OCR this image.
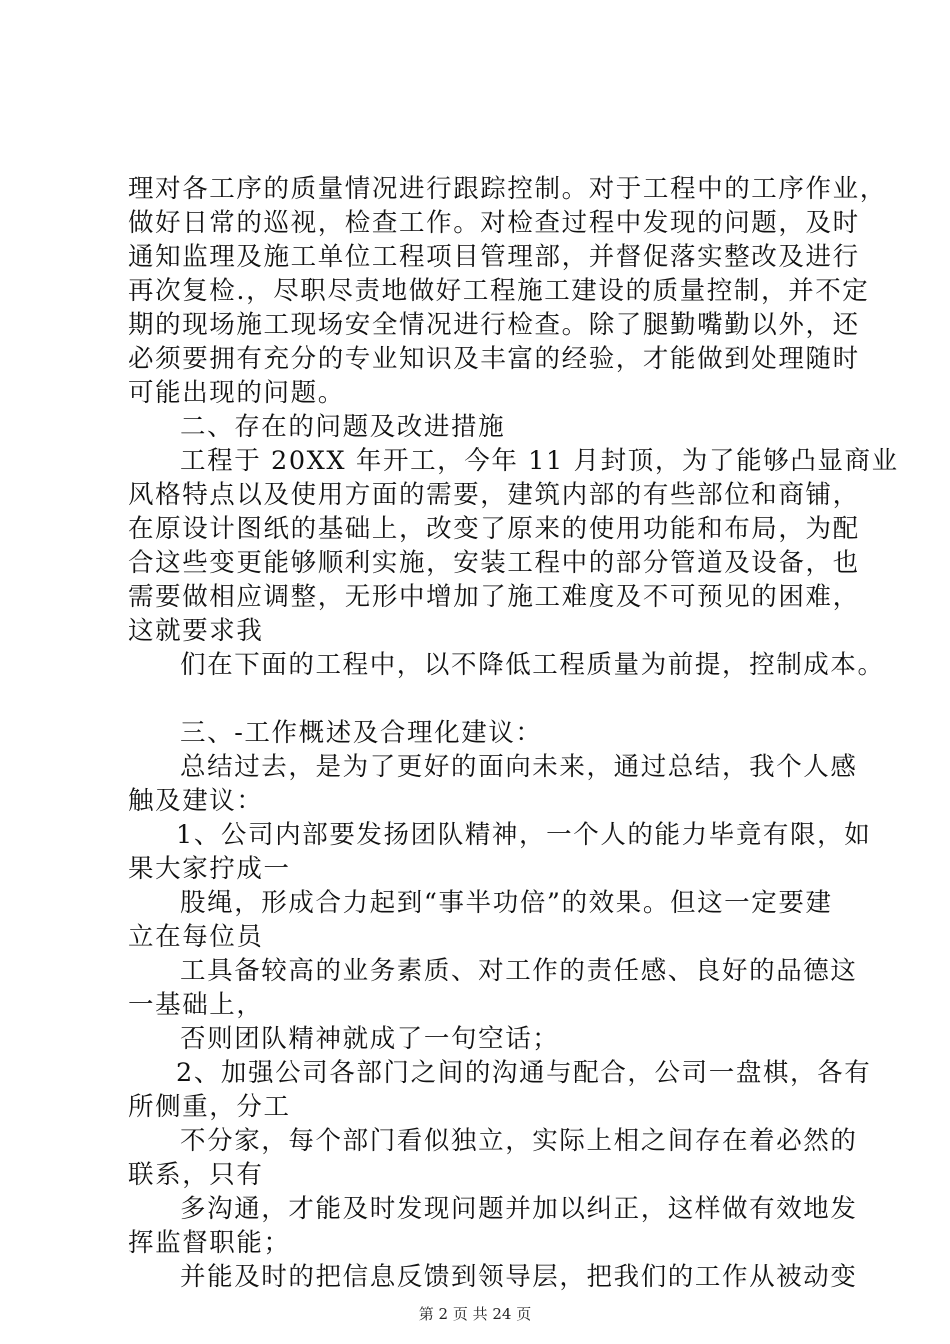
理对各工序的质量情况进行跟踪控制。对于工程中的工序作业，

做好日常的巡视，检查工作。对检查过程中发现的问题，及时

通知监理及施工单位工程项目管理部，并督促落实整改及进行

再次复检.，尽职尽责地做好工程施工建设的质量控制，并不定

期的现场施工现场安全情况进行检查。除了腿勤嘴勤以外，还

必须要拥有充分的专业知识及丰富的经验，才能做到处理随时

可能出现的问题。

二、存在的问题及改进措施

工程于 20XX 年开工，今年 11 月封顶，为了能够凸显商业

风格特点以及使用方面的需要，建筑内部的有些部位和商铺，

在原设计图纸的基础上，改变了原来的使用功能和布局，为配

合这些变更能够顺利实施，安装工程中的部分管道及设备，也

需要做相应调整，无形中增加了施工难度及不可预见的困难，

这就要求我

们在下面的工程中，以不降低工程质量为前提，控制成本。

三、-工作概述及合理化建议：

总结过去，是为了更好的面向未来，通过总结，我个人感

触及建议：

1、公司内部要发扬团队精神，一个人的能力毕竟有限，如

果大家拧成一

股绳，形成合力起到“事半功倍”的效果。但这一定要建

立在每位员

工具备较高的业务素质、对工作的责任感、良好的品德这

一基础上，

否则团队精神就成了一句空话；

2、加强公司各部门之间的沟通与配合，公司一盘棋，各有

所侧重，分工

不分家，每个部门看似独立，实际上相之间存在着必然的

联系，只有

多沟通，才能及时发现问题并加以纠正，这样做有效地发

挥监督职能；

并能及时的把信息反馈到领导层，把我们的工作从被动变

第 2 页 共 24 页
